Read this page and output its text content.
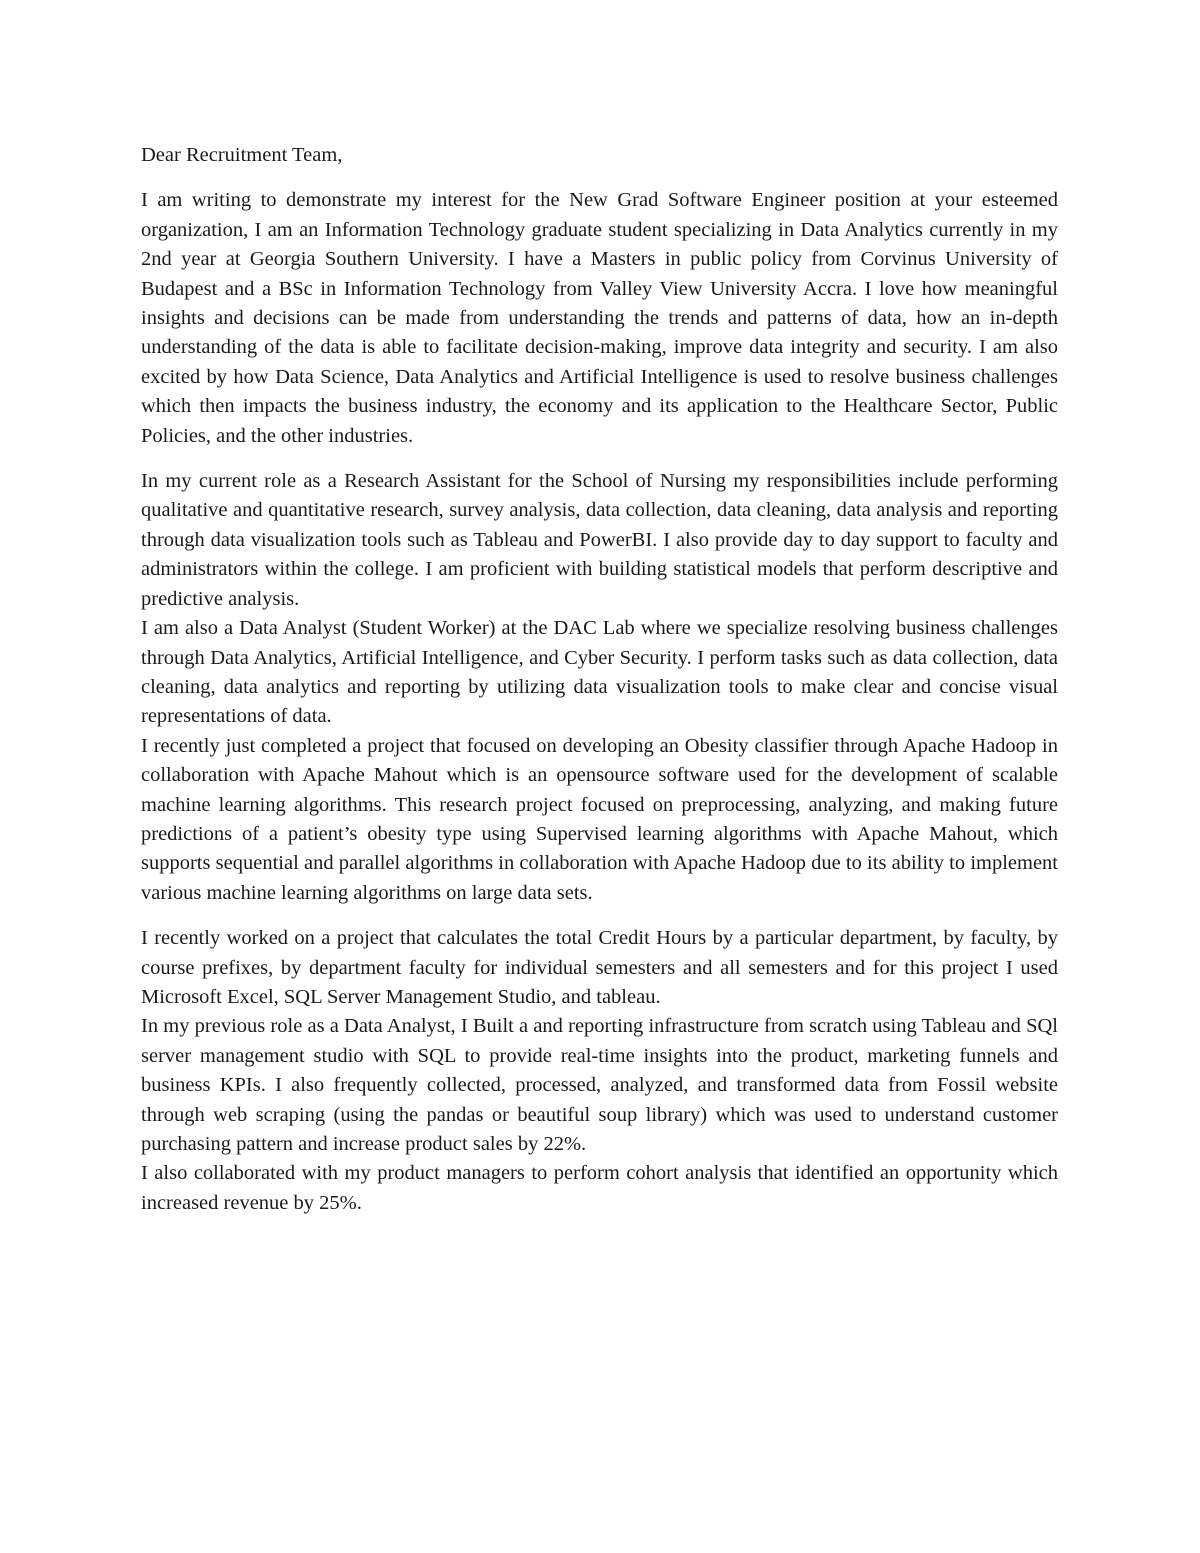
Dear Recruitment Team,

I am writing to demonstrate my interest for the New Grad Software Engineer position at your esteemed organization, I am an Information Technology graduate student specializing in Data Analytics currently in my 2nd year at Georgia Southern University. I have a Masters in public policy from Corvinus University of Budapest and a BSc in Information Technology from Valley View University Accra. I love how meaningful insights and decisions can be made from understanding the trends and patterns of data, how an in-depth understanding of the data is able to facilitate decision-making, improve data integrity and security. I am also excited by how Data Science, Data Analytics and Artificial Intelligence is used to resolve business challenges which then impacts the business industry, the economy and its application to the Healthcare Sector, Public Policies, and the other industries.

In my current role as a Research Assistant for the School of Nursing my responsibilities include performing qualitative and quantitative research, survey analysis, data collection, data cleaning, data analysis and reporting through data visualization tools such as Tableau and PowerBI. I also provide day to day support to faculty and administrators within the college. I am proficient with building statistical models that perform descriptive and predictive analysis.

I am also a Data Analyst (Student Worker) at the DAC Lab where we specialize resolving business challenges through Data Analytics, Artificial Intelligence, and Cyber Security. I perform tasks such as data collection, data cleaning, data analytics and reporting by utilizing data visualization tools to make clear and concise visual representations of data.

I recently just completed a project that focused on developing an Obesity classifier through Apache Hadoop in collaboration with Apache Mahout which is an opensource software used for the development of scalable machine learning algorithms. This research project focused on preprocessing, analyzing, and making future predictions of a patient’s obesity type using Supervised learning algorithms with Apache Mahout, which supports sequential and parallel algorithms in collaboration with Apache Hadoop due to its ability to implement various machine learning algorithms on large data sets.

I recently worked on a project that calculates the total Credit Hours by a particular department, by faculty, by course prefixes, by department faculty for individual semesters and all semesters and for this project I used Microsoft Excel, SQL Server Management Studio, and tableau.

In my previous role as a Data Analyst, I Built a and reporting infrastructure from scratch using Tableau and SQl server management studio with SQL to provide real-time insights into the product, marketing funnels and business KPIs. I also frequently collected, processed, analyzed, and transformed data from Fossil website through web scraping (using the pandas or beautiful soup library) which was used to understand customer purchasing pattern and increase product sales by 22%.

I also collaborated with my product managers to perform cohort analysis that identified an opportunity which increased revenue by 25%.
